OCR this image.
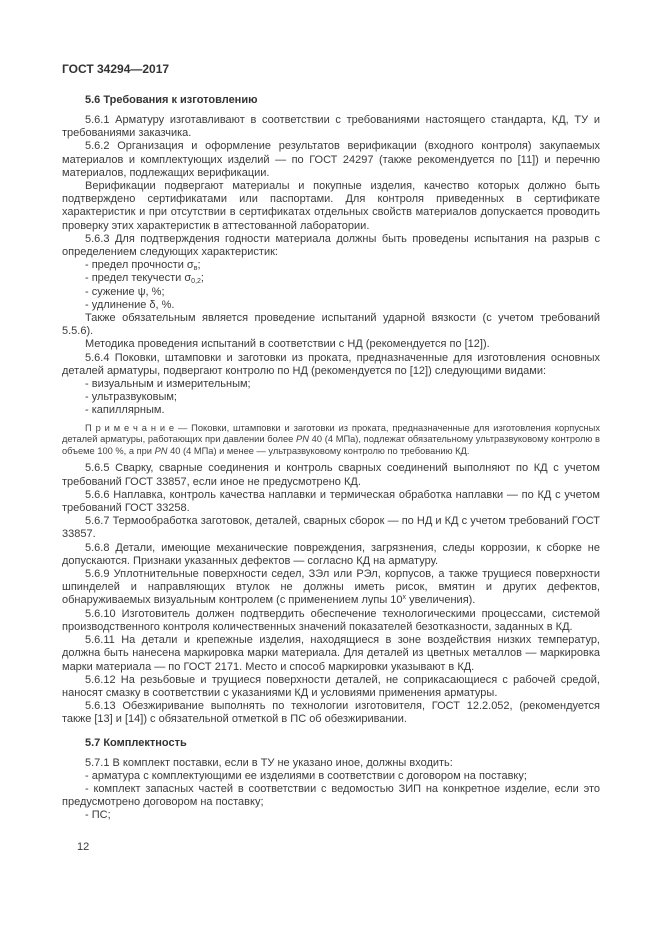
ГОСТ 34294—2017
5.6 Требования к изготовлению

5.6.1 Арматуру изготавливают в соответствии с требованиями настоящего стандарта, КД, ТУ и требованиями заказчика.

5.6.2 Организация и оформление результатов верификации (входного контроля) закупаемых материалов и комплектующих изделий — по ГОСТ 24297 (также рекомендуется по [11]) и перечню материалов, подлежащих верификации.

Верификации подвергают материалы и покупные изделия, качество которых должно быть подтверждено сертификатами или паспортами. Для контроля приведенных в сертификате характеристик и при отсутствии в сертификатах отдельных свойств материалов допускается проводить проверку этих характеристик в аттестованной лаборатории.

5.6.3 Для подтверждения годности материала должны быть проведены испытания на разрыв с определением следующих характеристик:

- предел прочности $\sigma_в$;

- предел текучести $\sigma_{0,2}$;

- сужение ψ, %;

- удлинение δ, %.

Также обязательным является проведение испытаний ударной вязкости (с учетом требований 5.5.6).

Методика проведения испытаний в соответствии с НД (рекомендуется по [12]).

5.6.4 Поковки, штамповки и заготовки из проката, предназначенные для изготовления основных деталей арматуры, подвергают контролю по НД (рекомендуется по [12]) следующими видами:

- визуальным и измерительным;

- ультразвуковым;

- капиллярным.

П р и м е ч а н и е — Поковки, штамповки и заготовки из проката, предназначенные для изготовления корпусных деталей арматуры, работающих при давлении более PN 40 (4 МПа), подлежат обязательному ультразвуковому контролю в объеме 100 %, а при PN 40 (4 МПа) и менее — ультразвуковому контролю по требованию КД.

5.6.5 Сварку, сварные соединения и контроль сварных соединений выполняют по КД с учетом требований ГОСТ 33857, если иное не предусмотрено КД.

5.6.6 Наплавка, контроль качества наплавки и термическая обработка наплавки — по КД с учетом требований ГОСТ 33258.

5.6.7 Термообработка заготовок, деталей, сварных сборок — по НД и КД с учетом требований ГОСТ 33857.

5.6.8 Детали, имеющие механические повреждения, загрязнения, следы коррозии, к сборке не допускаются. Признаки указанных дефектов — согласно КД на арматуру.

5.6.9 Уплотнительные поверхности седел, ЗЭл или РЭл, корпусов, а также трущиеся поверхности шпинделей и направляющих втулок не должны иметь рисок, вмятин и других дефектов, обнаруживаемых визуальным контролем (с применением лупы $10^х$ увеличения).

5.6.10 Изготовитель должен подтвердить обеспечение технологическими процессами, системой производственного контроля количественных значений показателей безотказности, заданных в КД.

5.6.11 На детали и крепежные изделия, находящиеся в зоне воздействия низких температур, должна быть нанесена маркировка марки материала. Для деталей из цветных металлов — маркировка марки материала — по ГОСТ 2171. Место и способ маркировки указывают в КД.

5.6.12 На резьбовые и трущиеся поверхности деталей, не соприкасающиеся с рабочей средой, наносят смазку в соответствии с указаниями КД и условиями применения арматуры.

5.6.13 Обезжиривание выполнять по технологии изготовителя, ГОСТ 12.2.052, (рекомендуется также [13] и [14]) с обязательной отметкой в ПС об обезжиривании.

5.7 Комплектность

5.7.1 В комплект поставки, если в ТУ не указано иное, должны входить:

- арматура с комплектующими ее изделиями в соответствии с договором на поставку;

- комплект запасных частей в соответствии с ведомостью ЗИП на конкретное изделие, если это предусмотрено договором на поставку;

- ПС;

12
